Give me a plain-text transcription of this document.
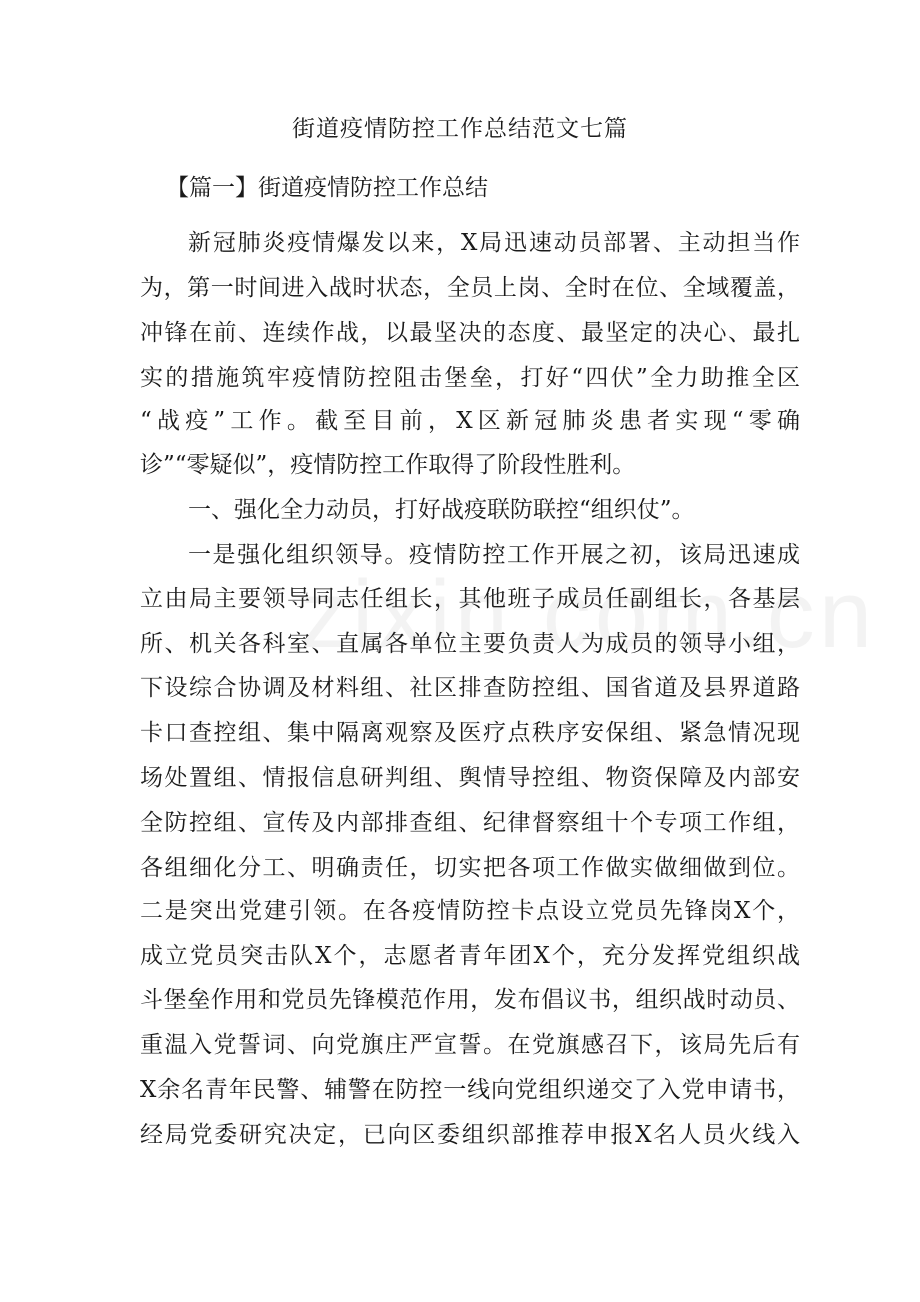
街道疫情防控工作总结范文七篇
【篇一】街道疫情防控工作总结
新冠肺炎疫情爆发以来，X局迅速动员部署、主动担当作
为，第一时间进入战时状态，全员上岗、全时在位、全域覆盖，
冲锋在前、连续作战，以最坚决的态度、最坚定的决心、最扎
实的措施筑牢疫情防控阻击堡垒，打好“四伏”全力助推全区
“战疫”工作。截至目前，X区新冠肺炎患者实现“零确
诊”“零疑似”，疫情防控工作取得了阶段性胜利。
一、强化全力动员，打好战疫联防联控“组织仗”。
一是强化组织领导。疫情防控工作开展之初，该局迅速成
立由局主要领导同志任组长，其他班子成员任副组长，各基层
所、机关各科室、直属各单位主要负责人为成员的领导小组，
下设综合协调及材料组、社区排查防控组、国省道及县界道路
卡口查控组、集中隔离观察及医疗点秩序安保组、紧急情况现
场处置组、情报信息研判组、舆情导控组、物资保障及内部安
全防控组、宣传及内部排查组、纪律督察组十个专项工作组，
各组细化分工、明确责任，切实把各项工作做实做细做到位。
二是突出党建引领。在各疫情防控卡点设立党员先锋岗X个，
成立党员突击队X个，志愿者青年团X个，充分发挥党组织战
斗堡垒作用和党员先锋模范作用，发布倡议书，组织战时动员、
重温入党誓词、向党旗庄严宣誓。在党旗感召下，该局先后有
X余名青年民警、辅警在防控一线向党组织递交了入党申请书，
经局党委研究决定，已向区委组织部推荐申报X名人员火线入
